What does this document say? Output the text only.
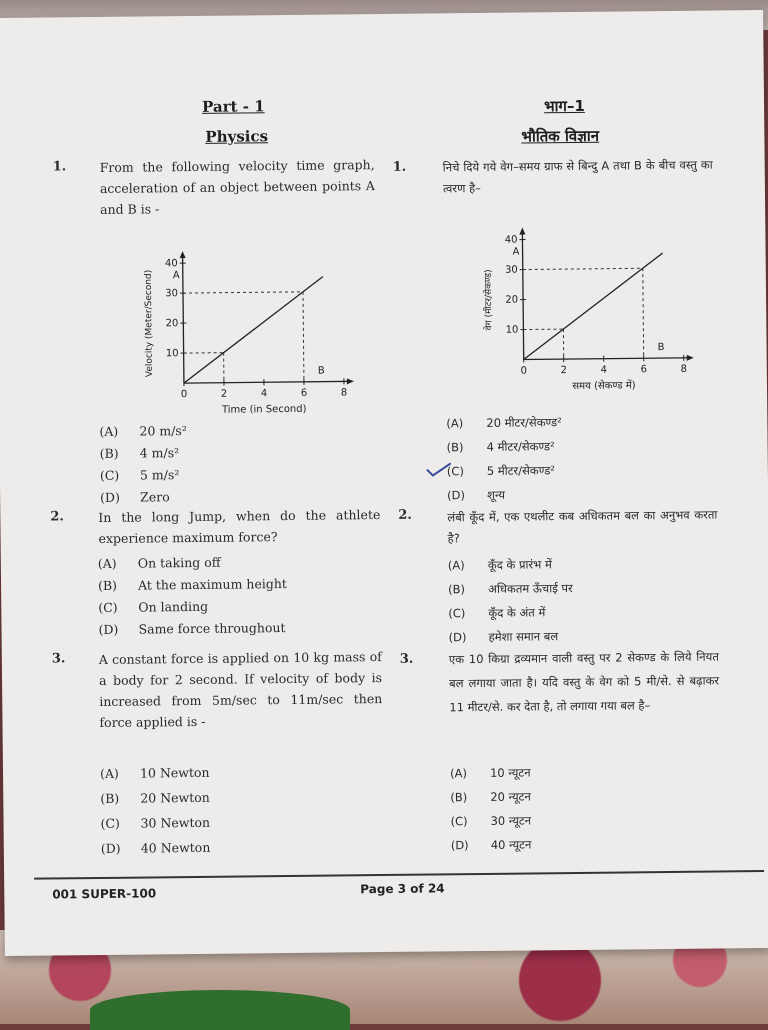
Part - 1
Physics
1.	From the following velocity time graph, acceleration of an object between points A and B is -
0	2	4	6	8
10
20
30
40
A
B
Time (in Second)
Velocity (Meter/Second)
(A) 20 m/s²
(B) 4 m/s²
(C) 5 m/s²
(D) Zero
2.	In the long Jump, when do the athlete experience maximum force?
(A) On taking off
(B) At the maximum height
(C) On landing
(D) Same force throughout
3.	A constant force is applied on 10 kg mass of a body for 2 second. If velocity of body is increased from 5m/sec to 11m/sec then force applied is -
(A) 10 Newton
(B) 20 Newton
(C) 30 Newton
(D) 40 Newton
भाग–1
भौतिक विज्ञान
1.	निचे दिये गये वेग–समय ग्राफ से बिन्दु A तथा B के बीच वस्तु का त्वरण है–
0	2	4	6	8
10
20
30
40
A
B
समय (सेकण्ड में)
वेग (मीटर/सेकण्ड)
(A) 20 मीटर/सेकण्ड²
(B) 4 मीटर/सेकण्ड²
(C) 5 मीटर/सेकण्ड²
(D) शून्य
2.	लंबी कूँद में, एक एथलीट कब अधिकतम बल का अनुभव करता है?
(A) कूँद के प्रारंभ में
(B) अधिकतम ऊँचाई पर
(C) कूँद के अंत में
(D) हमेशा समान बल
3.	एक 10 किग्रा द्रव्यमान वाली वस्तु पर 2 सेकण्ड के लिये नियत बल लगाया जाता है। यदि वस्तु के वेग को 5 मी/से. से बढ़ाकर 11 मीटर/से. कर देता है, तो लगाया गया बल है–
(A) 10 न्यूटन
(B) 20 न्यूटन
(C) 30 न्यूटन
(D) 40 न्यूटन
001 SUPER-100	Page 3 of 24
